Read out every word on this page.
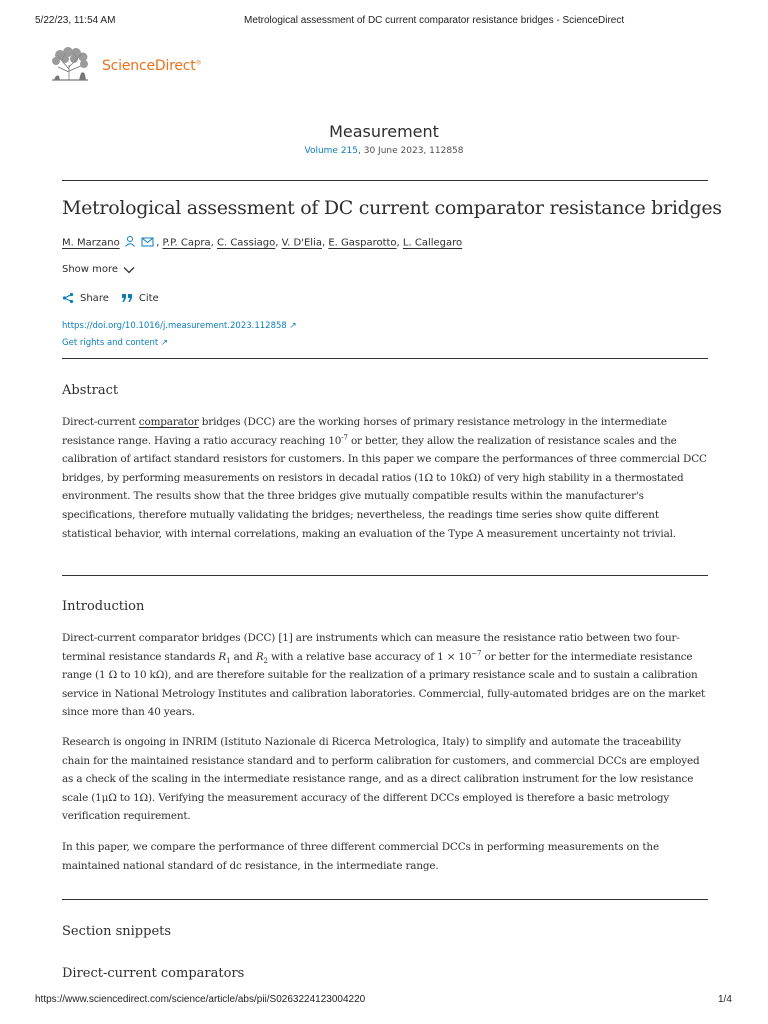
5/22/23, 11:54 AM	Metrological assessment of DC current comparator resistance bridges - ScienceDirect
ScienceDirect®
Measurement
Volume 215, 30 June 2023, 112858
Metrological assessment of DC current comparator resistance bridges
M. Marzano	, P.P. Capra, C. Cassiago, V. D'Elia, E. Gasparotto, L. Callegaro
Show more
Share	Cite
https://doi.org/10.1016/j.measurement.2023.112858 ↗
Get rights and content ↗
Abstract
Direct-current comparator bridges (DCC) are the working horses of primary resistance metrology in the intermediate resistance range. Having a ratio accuracy reaching $10^{-7}$ or better, they allow the realization of resistance scales and the calibration of artifact standard resistors for customers. In this paper we compare the performances of three commercial DCC bridges, by performing measurements on resistors in decadal ratios (1Ω to 10kΩ) of very high stability in a thermostated environment. The results show that the three bridges give mutually compatible results within the manufacturer's specifications, therefore mutually validating the bridges; nevertheless, the readings time series show quite different statistical behavior, with internal correlations, making an evaluation of the Type A measurement uncertainty not trivial.
Introduction
Direct-current comparator bridges (DCC) [1] are instruments which can measure the resistance ratio between two four-terminal resistance standards $R_1$ and $R_2$ with a relative base accuracy of $1 \times 10^{-7}$ or better for the intermediate resistance range (1 Ω to 10 kΩ), and are therefore suitable for the realization of a primary resistance scale and to sustain a calibration service in National Metrology Institutes and calibration laboratories. Commercial, fully-automated bridges are on the market since more than 40 years.
Research is ongoing in INRIM (Istituto Nazionale di Ricerca Metrologica, Italy) to simplify and automate the traceability chain for the maintained resistance standard and to perform calibration for customers, and commercial DCCs are employed as a check of the scaling in the intermediate resistance range, and as a direct calibration instrument for the low resistance scale (1μΩ to 1Ω). Verifying the measurement accuracy of the different DCCs employed is therefore a basic metrology verification requirement.
In this paper, we compare the performance of three different commercial DCCs in performing measurements on the maintained national standard of dc resistance, in the intermediate range.
Section snippets
Direct-current comparators
https://www.sciencedirect.com/science/article/abs/pii/S0263224123004220	1/4
